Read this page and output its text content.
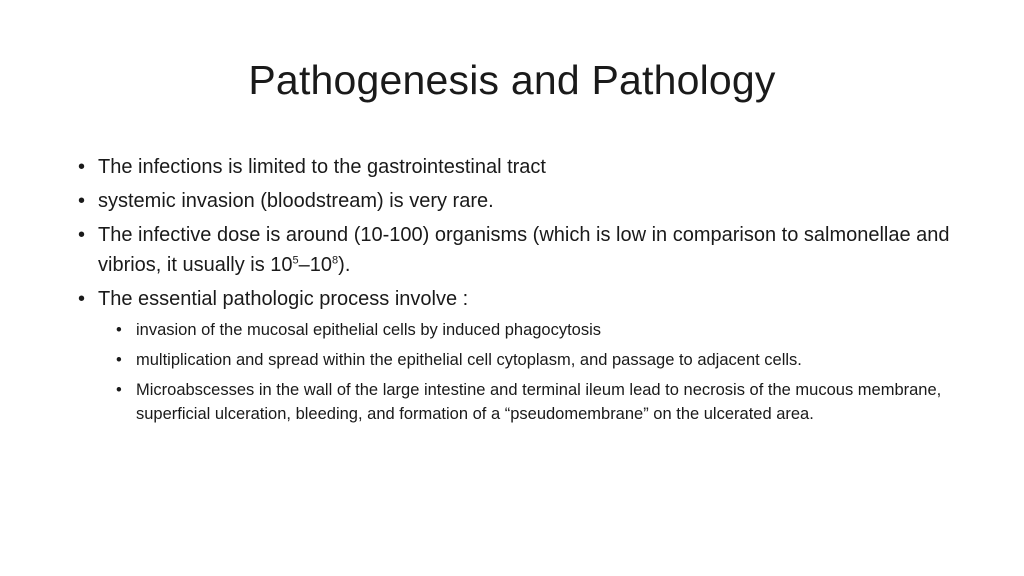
Pathogenesis and Pathology
• The infections is limited to the gastrointestinal tract
• systemic invasion (bloodstream) is very rare.
• The infective dose is around (10-100) organisms (which is low in comparison to salmonellae and vibrios, it usually is $10^5-10^8$).
• The essential pathologic process involve :
• invasion of the mucosal epithelial cells by induced phagocytosis
• multiplication and spread within the epithelial cell cytoplasm, and passage to adjacent cells.
• Microabscesses in the wall of the large intestine and terminal ileum lead to necrosis of the mucous membrane, superficial ulceration, bleeding, and formation of a “pseudomembrane” on the ulcerated area.
